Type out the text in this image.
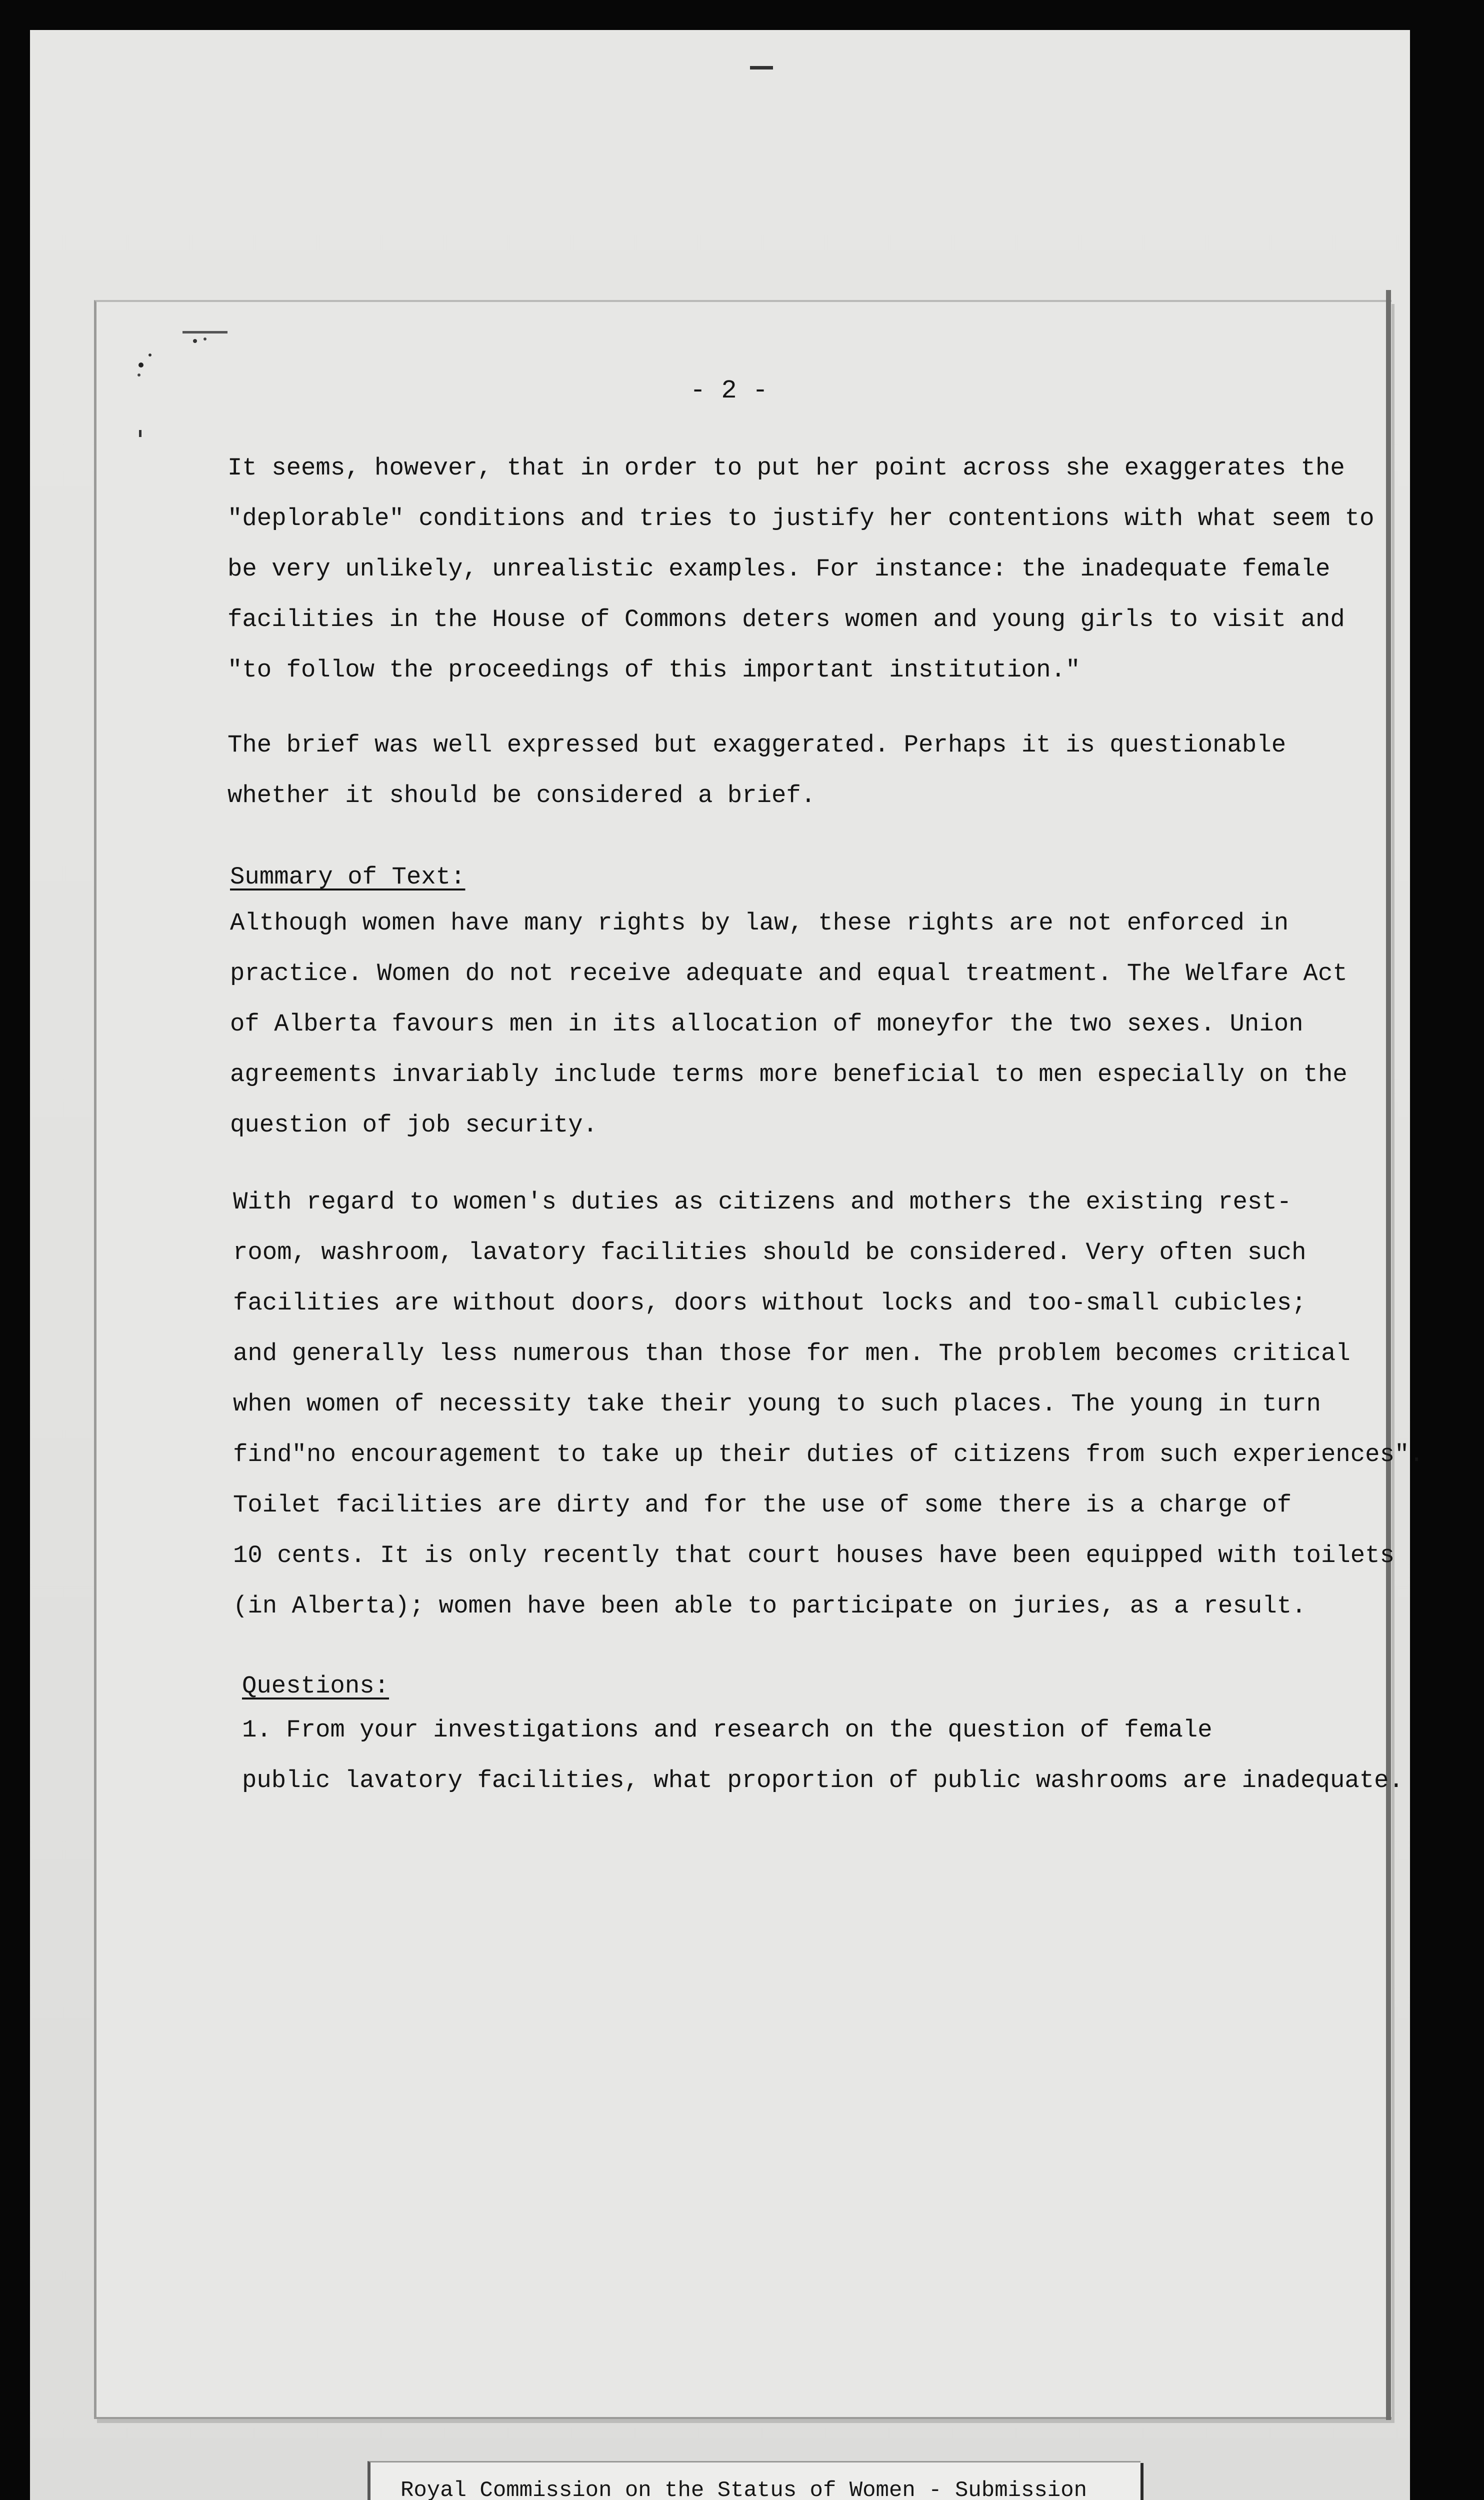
- 2 -
It seems, however, that in order to put her point across she exaggerates the
"deplorable" conditions and tries to justify her contentions with what seem to
be very unlikely, unrealistic examples. For instance: the inadequate female
facilities in the House of Commons deters women and young girls to visit and
"to follow the proceedings of this important institution."
The brief was well expressed but exaggerated. Perhaps it is questionable
whether it should be considered a brief.
Summary of Text:
Although women have many rights by law, these rights are not enforced in
practice. Women do not receive adequate and equal treatment. The Welfare Act
of Alberta favours men in its allocation of moneyfor the two sexes. Union
agreements invariably include terms more beneficial to men especially on the
question of job security.
With regard to women's duties as citizens and mothers the existing rest-
room, washroom, lavatory facilities should be considered. Very often such
facilities are without doors, doors without locks and too-small cubicles;
and generally less numerous than those for men. The problem becomes critical
when women of necessity take their young to such places. The young in turn
find"no encouragement to take up their duties of citizens from such experiences".
Toilet facilities are dirty and for the use of some there is a charge of
10 cents. It is only recently that court houses have been equipped with toilets
(in Alberta); women have been able to participate on juries, as a result.
Questions:
1. From your investigations and research on the question of female
public lavatory facilities, what proportion of public washrooms are inadequate.
Royal Commission on the Status of Women - Submission
